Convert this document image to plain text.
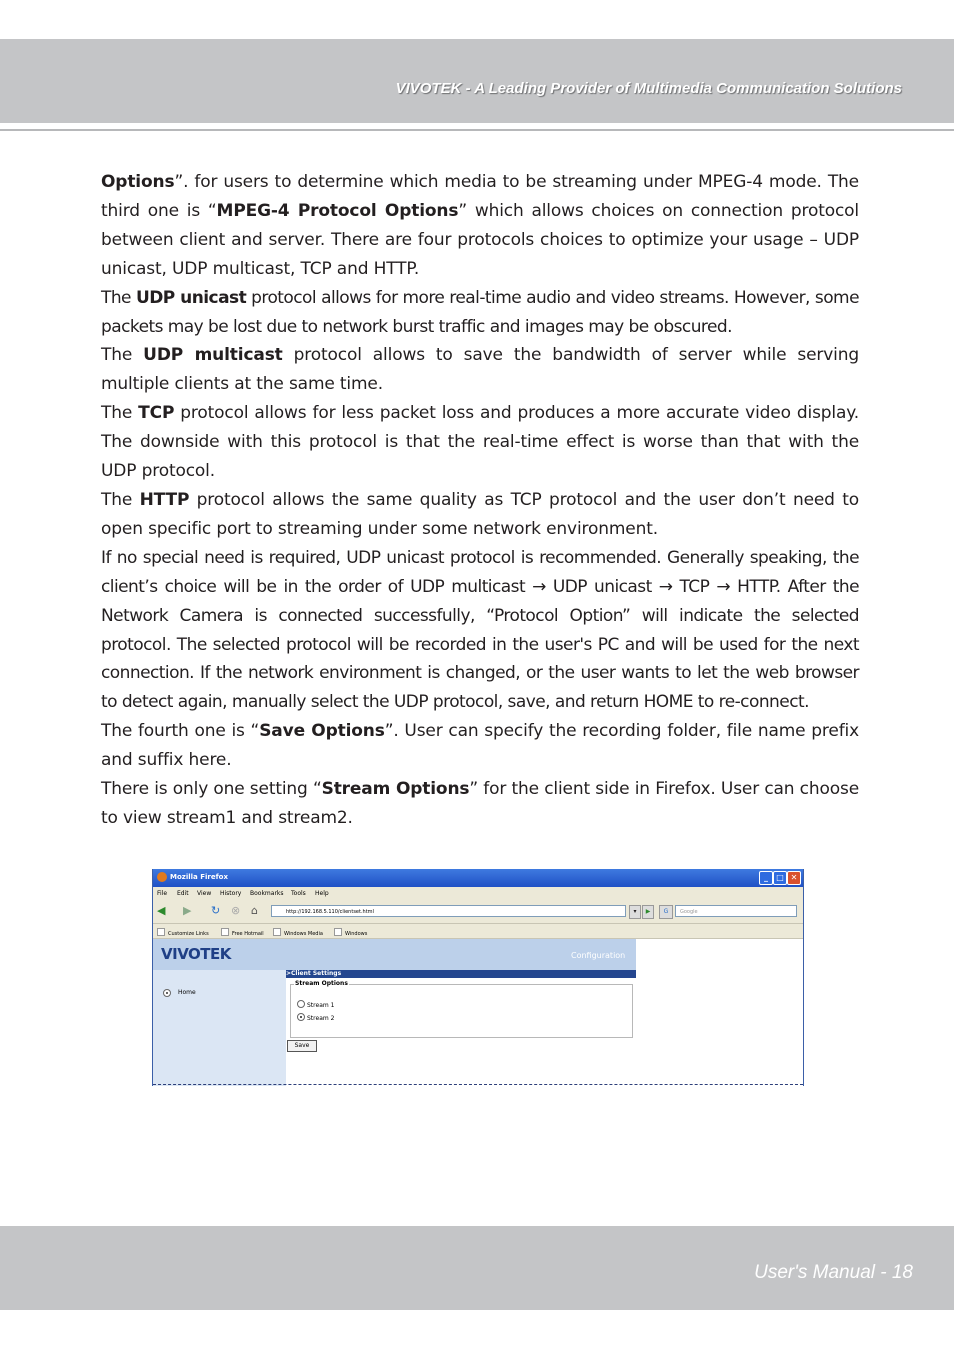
VIVOTEK - A Leading Provider of Multimedia Communication Solutions

Options”. for users to determine which media to be streaming under MPEG-4 mode. The third one is “MPEG-4 Protocol Options” which allows choices on connection protocol between client and server. There are four protocols choices to optimize your usage – UDP unicast, UDP multicast, TCP and HTTP.

The UDP unicast protocol allows for more real-time audio and video streams. However, some packets may be lost due to network burst traffic and images may be obscured.

The UDP multicast protocol allows to save the bandwidth of server while serving multiple clients at the same time.

The TCP protocol allows for less packet loss and produces a more accurate video display. The downside with this protocol is that the real-time effect is worse than that with the UDP protocol.

The HTTP protocol allows the same quality as TCP protocol and the user don’t need to open specific port to streaming under some network environment.

If no special need is required, UDP unicast protocol is recommended. Generally speaking, the client’s choice will be in the order of UDP multicast → UDP unicast → TCP → HTTP. After the Network Camera is connected successfully, “Protocol Option” will indicate the selected protocol. The selected protocol will be recorded in the user's PC and will be used for the next connection. If the network environment is changed, or the user wants to let the web browser to detect again, manually select the UDP protocol, save, and return HOME to re-connect.

The fourth one is “Save Options”. User can specify the recording folder, file name prefix and suffix here.

There is only one setting “Stream Options” for the client side in Firefox. User can choose to view stream1 and stream2.

Mozilla Firefox	_	□ ✕
File Edit View History Bookmarks Tools Help
◀ ▶ ↻ ⊗ ⌂	http://192.168.5.110/clientset.html	▾	▶	G	Google
Customize Links	Free Hotmail	Windows Media	Windows
VIVOTEK	Configuration
Home
>Client Settings
Stream Options
Stream 1
Stream 2
Save
User's Manual - 18
